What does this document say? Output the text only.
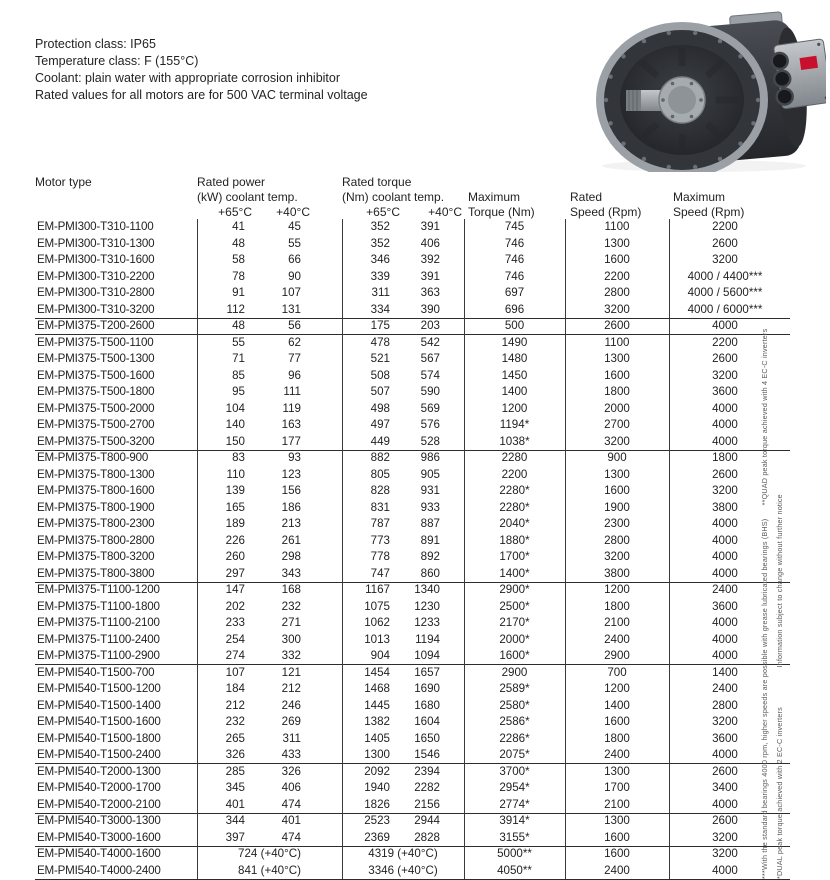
Protection class: IP65
Temperature class: F (155°C)
Coolant: plain water with appropriate corrosion inhibitor
Rated values for all motors are for 500 VAC terminal voltage
Motor type	Rated power
(kW) coolant temp.
+65°C	+40°C
Rated torque
(Nm) coolant temp.
+65°C	+40°C
Maximum
Torque (Nm)
Rated
Speed (Rpm)
Maximum
Speed (Rpm)
EM-PMI300-T310-1100	41	45	352	391	745	1100	2200
EM-PMI300-T310-1300	48	55	352	406	746	1300	2600
EM-PMI300-T310-1600	58	66	346	392	746	1600	3200
EM-PMI300-T310-2200	78	90	339	391	746	2200	4000 / 4400***
EM-PMI300-T310-2800	91	107	311	363	697	2800	4000 / 5600***
EM-PMI300-T310-3200	112	131	334	390	696	3200	4000 / 6000***
EM-PMI375-T200-2600	48	56	175	203	500	2600	4000
EM-PMI375-T500-1100	55	62	478	542	1490	1100	2200
EM-PMI375-T500-1300	71	77	521	567	1480	1300	2600
EM-PMI375-T500-1600	85	96	508	574	1450	1600	3200
EM-PMI375-T500-1800	95	111	507	590	1400	1800	3600
EM-PMI375-T500-2000	104	119	498	569	1200	2000	4000
EM-PMI375-T500-2700	140	163	497	576	1194*	2700	4000
EM-PMI375-T500-3200	150	177	449	528	1038*	3200	4000
EM-PMI375-T800-900	83	93	882	986	2280	900	1800
EM-PMI375-T800-1300	110	123	805	905	2200	1300	2600
EM-PMI375-T800-1600	139	156	828	931	2280*	1600	3200
EM-PMI375-T800-1900	165	186	831	933	2280*	1900	3800
EM-PMI375-T800-2300	189	213	787	887	2040*	2300	4000
EM-PMI375-T800-2800	226	261	773	891	1880*	2800	4000
EM-PMI375-T800-3200	260	298	778	892	1700*	3200	4000
EM-PMI375-T800-3800	297	343	747	860	1400*	3800	4000
EM-PMI375-T1100-1200	147	168	1167	1340	2900*	1200	2400
EM-PMI375-T1100-1800	202	232	1075	1230	2500*	1800	3600
EM-PMI375-T1100-2100	233	271	1062	1233	2170*	2100	4000
EM-PMI375-T1100-2400	254	300	1013	1194	2000*	2400	4000
EM-PMI375-T1100-2900	274	332	904	1094	1600*	2900	4000
EM-PMI540-T1500-700	107	121	1454	1657	2900	700	1400
EM-PMI540-T1500-1200	184	212	1468	1690	2589*	1200	2400
EM-PMI540-T1500-1400	212	246	1445	1680	2580*	1400	2800
EM-PMI540-T1500-1600	232	269	1382	1604	2586*	1600	3200
EM-PMI540-T1500-1800	265	311	1405	1650	2286*	1800	3600
EM-PMI540-T1500-2400	326	433	1300	1546	2075*	2400	4000
EM-PMI540-T2000-1300	285	326	2092	2394	3700*	1300	2600
EM-PMI540-T2000-1700	345	406	1940	2282	2954*	1700	3400
EM-PMI540-T2000-2100	401	474	1826	2156	2774*	2100	4000
EM-PMI540-T3000-1300	344	401	2523	2944	3914*	1300	2600
EM-PMI540-T3000-1600	397	474	2369	2828	3155*	1600	3200
EM-PMI540-T4000-1600	724 (+40°C)	4319 (+40°C)	5000**	1600	3200
EM-PMI540-T4000-2400	841 (+40°C)	3346 (+40°C)	4050**	2400	4000	***With the standard bearings 4000 rpm, higher speeds are possible with grease lubricated bearings (BHS)      **QUAD peak torque achieved with 4 EC-C inverters *DUAL peak torque achieved with 2 EC-C inverters                  Information subject to change without further notice
